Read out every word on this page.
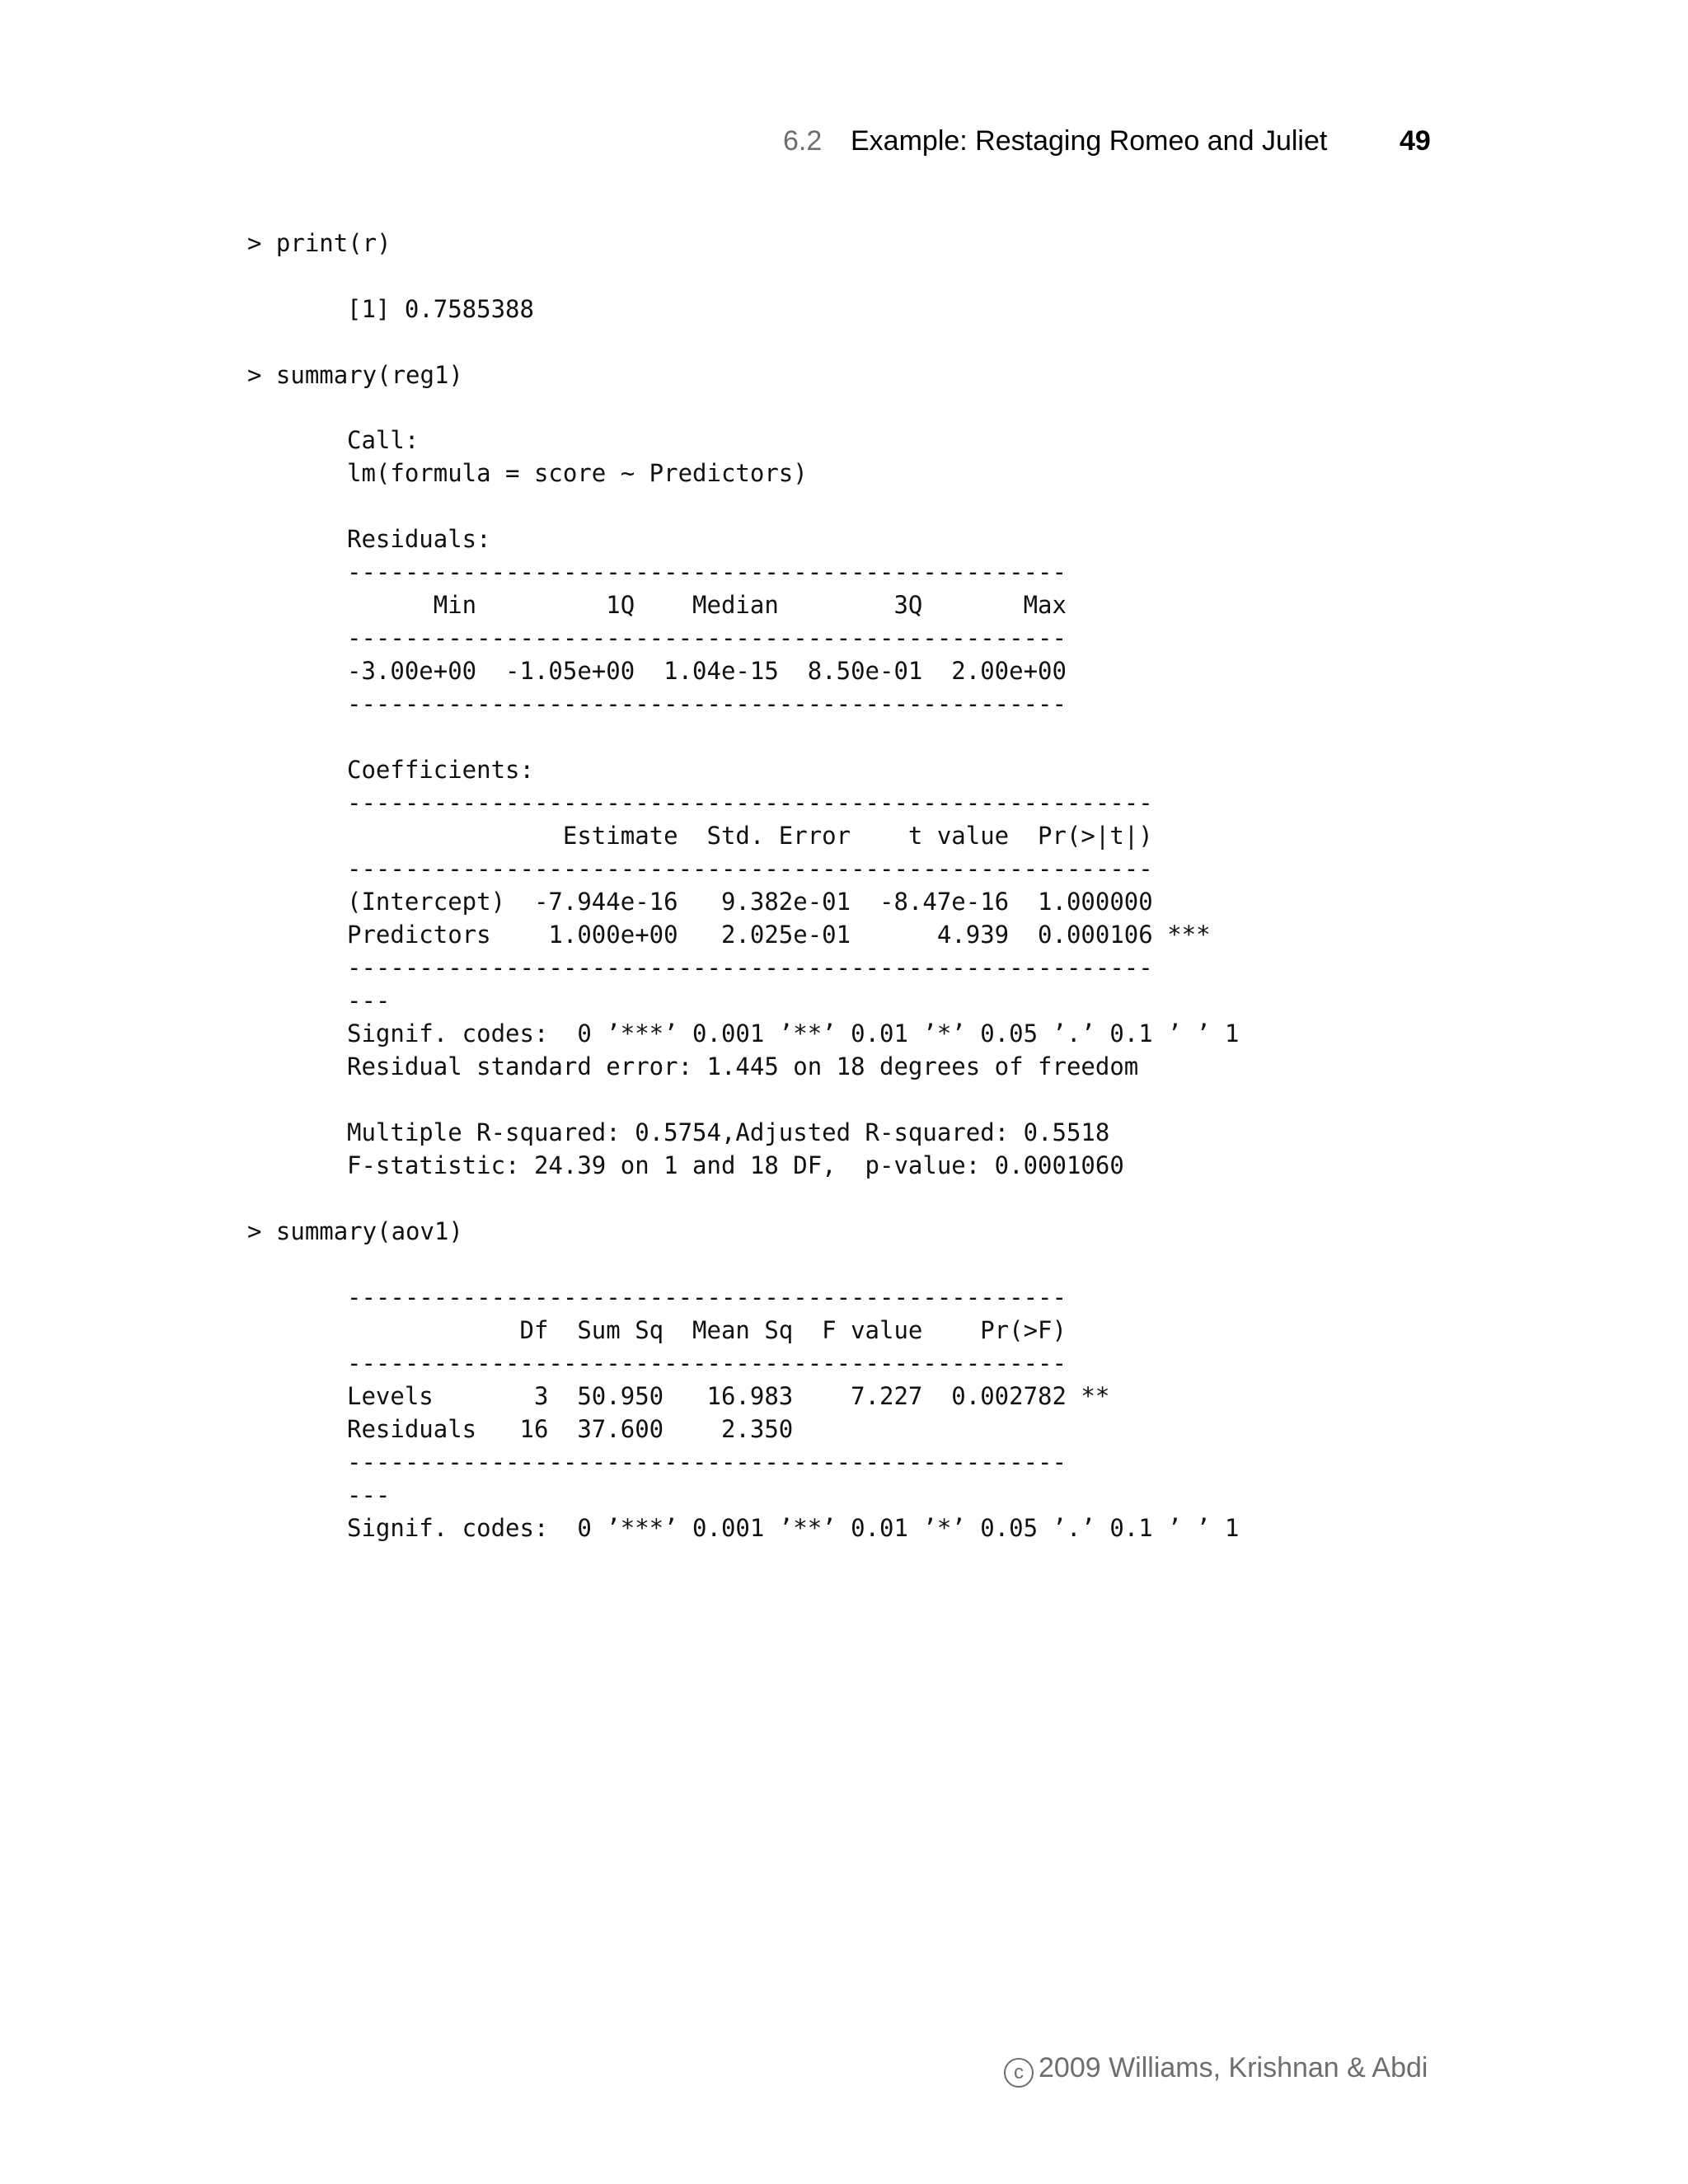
6.2 Example: Restaging Romeo and Juliet	49

> print(r)

[1] 0.7585388

> summary(reg1)

Call:

lm(formula = score ~ Predictors)

Residuals:

--------------------------------------------------

Min         1Q    Median        3Q       Max

--------------------------------------------------

-3.00e+00  -1.05e+00  1.04e-15  8.50e-01  2.00e+00

--------------------------------------------------

Coefficients:

--------------------------------------------------------

Estimate  Std. Error    t value  Pr(>|t|)

--------------------------------------------------------

(Intercept)  -7.944e-16   9.382e-01  -8.47e-16  1.000000

Predictors    1.000e+00   2.025e-01      4.939  0.000106 ***

--------------------------------------------------------

---

Signif. codes:  0 ’***’ 0.001 ’**’ 0.01 ’*’ 0.05 ’.’ 0.1 ’ ’ 1

Residual standard error: 1.445 on 18 degrees of freedom

Multiple R-squared: 0.5754,Adjusted R-squared: 0.5518

F-statistic: 24.39 on 1 and 18 DF,  p-value: 0.0001060

> summary(aov1)

--------------------------------------------------

Df  Sum Sq  Mean Sq  F value    Pr(>F)

--------------------------------------------------

Levels       3  50.950   16.983    7.227  0.002782 **

Residuals   16  37.600    2.350

--------------------------------------------------

---

Signif. codes:  0 ’***’ 0.001 ’**’ 0.01 ’*’ 0.05 ’.’ 0.1 ’ ’ 1

c 2009 Williams, Krishnan & Abdi
